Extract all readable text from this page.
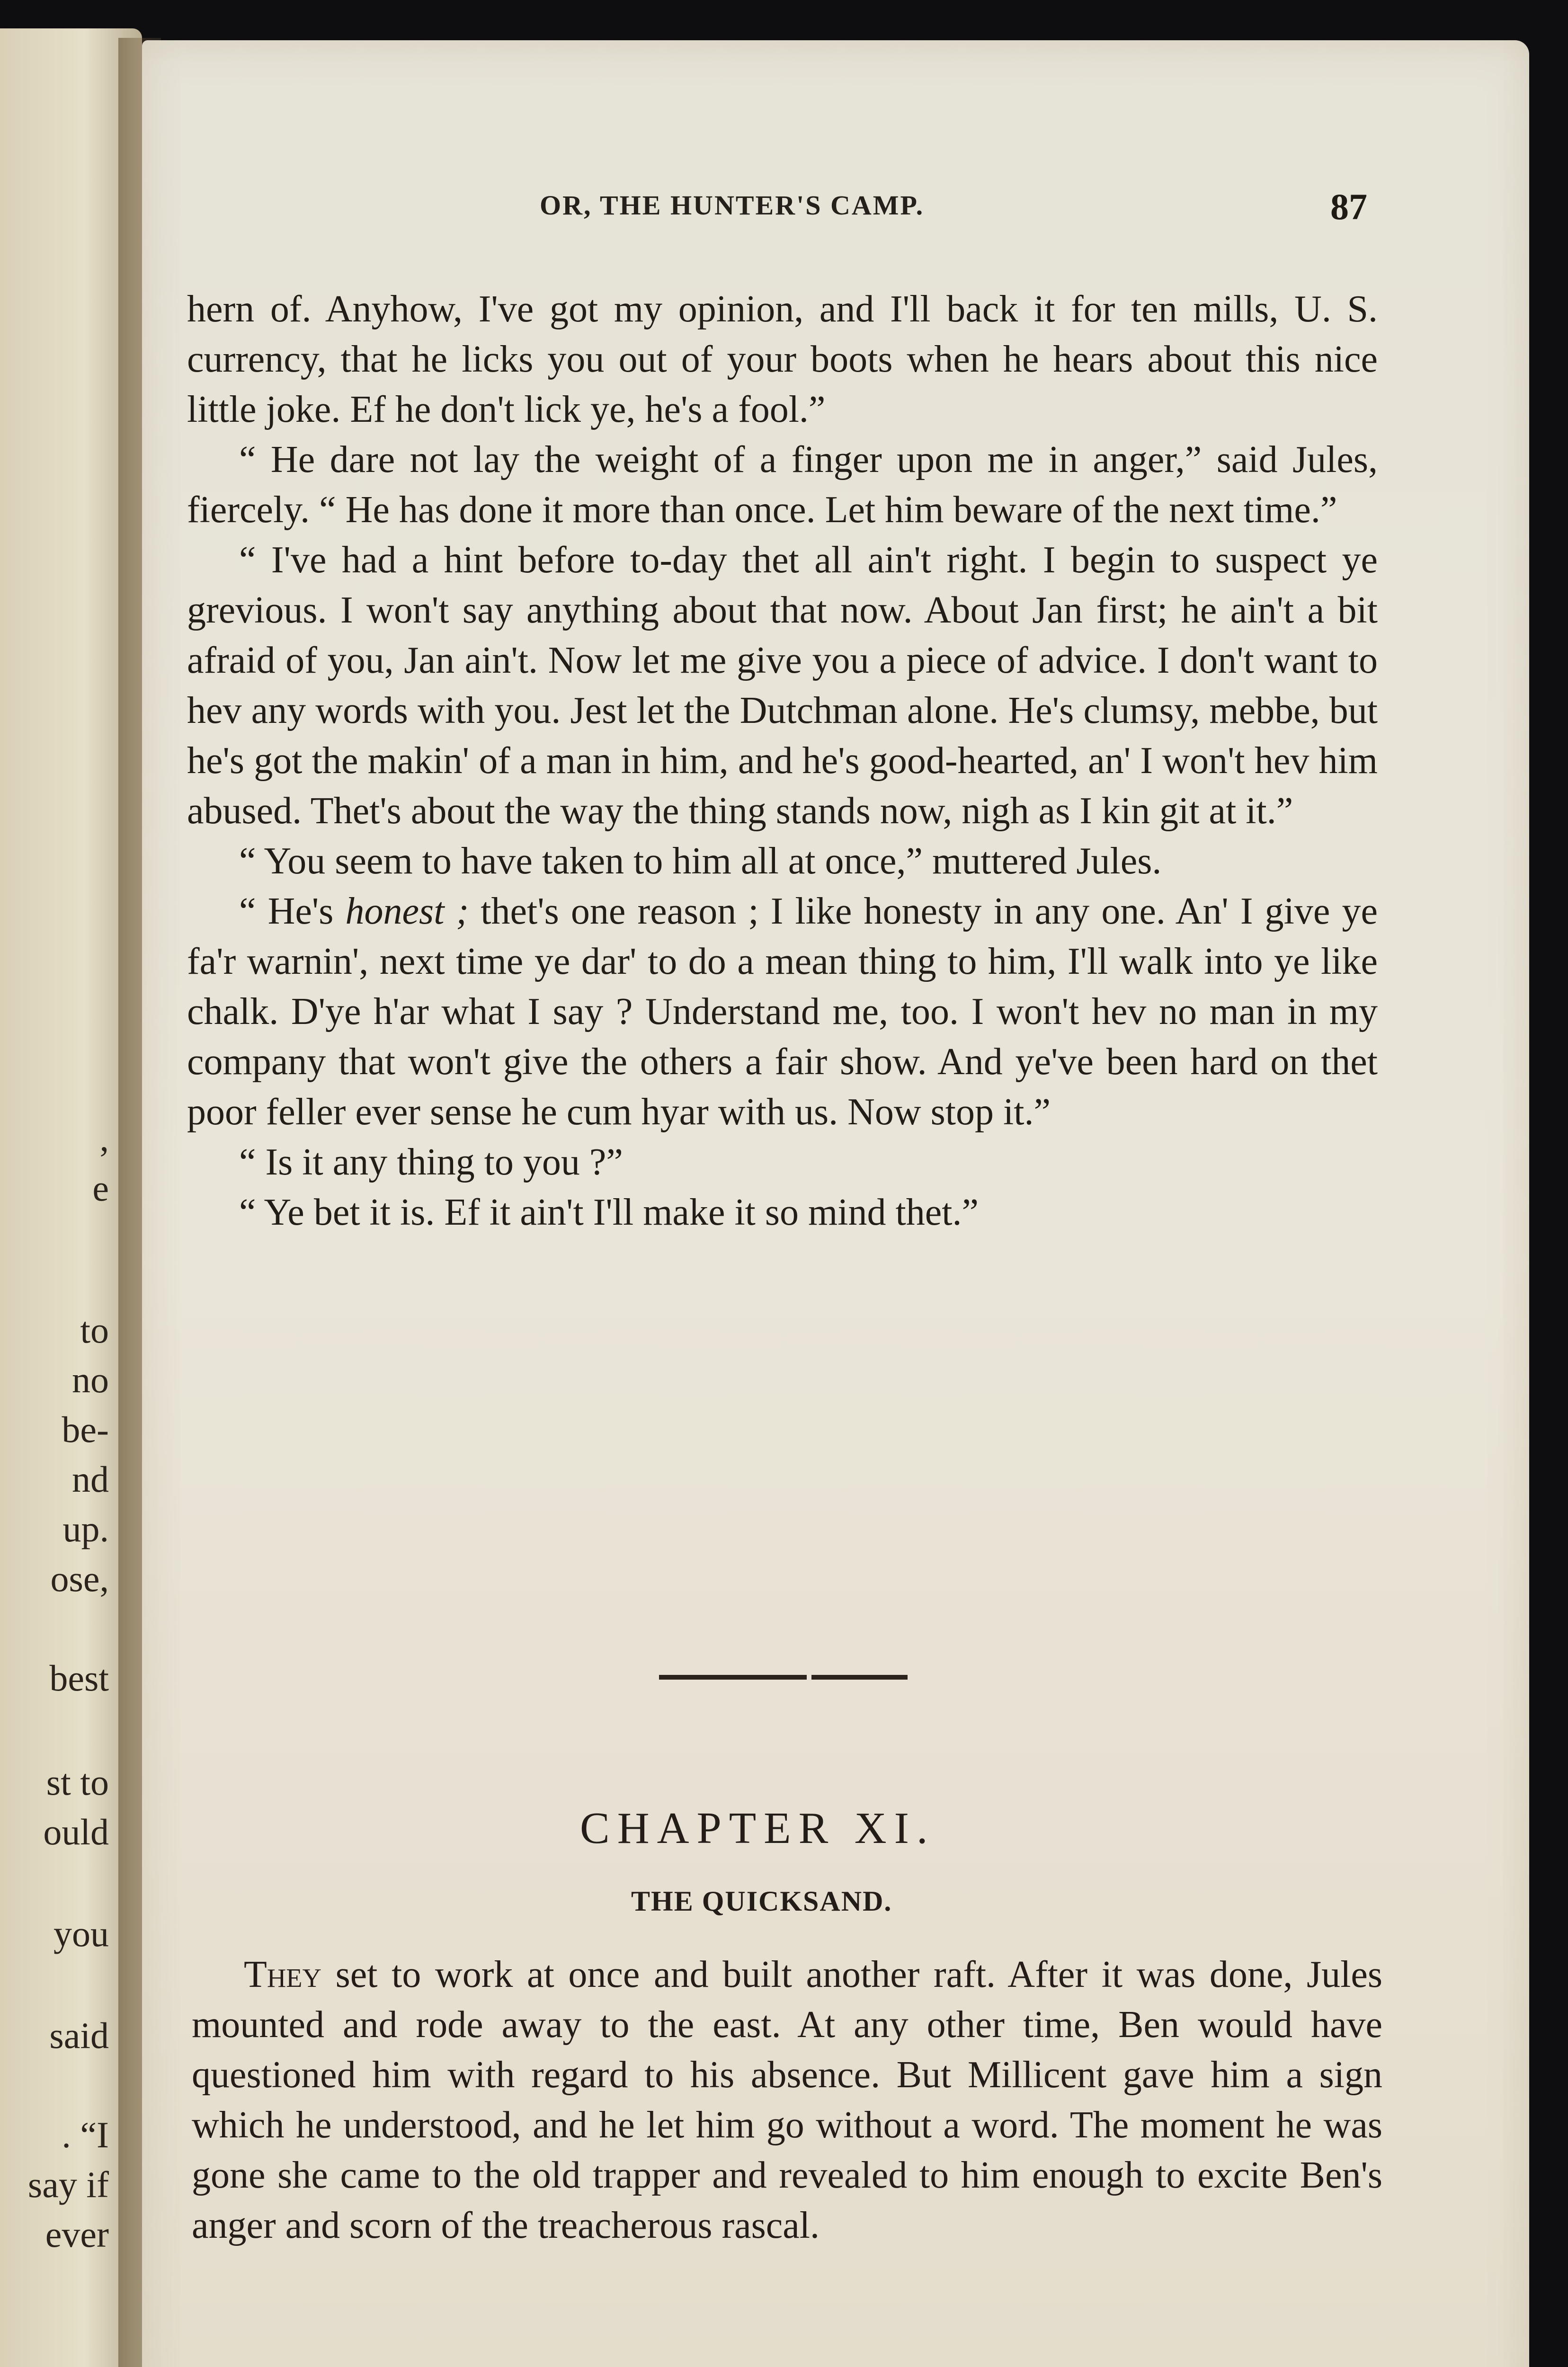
,
e
to
no
be-
nd
up.
ose,
best
st to
ould
you
said
. “I
say if
ever
OR, THE HUNTER'S CAMP.	87

hern of. Anyhow, I've got my opinion, and I'll back it for ten mills, U. S. currency, that he licks you out of your boots when he hears about this nice little joke. Ef he don't lick ye, he's a fool.”

“ He dare not lay the weight of a finger upon me in anger,” said Jules, fiercely. “ He has done it more than once. Let him beware of the next time.”

“ I've had a hint before to-day thet all ain't right. I begin to suspect ye grevious. I won't say anything about that now. About Jan first; he ain't a bit afraid of you, Jan ain't. Now let me give you a piece of advice. I don't want to hev any words with you. Jest let the Dutchman alone. He's clumsy, mebbe, but he's got the makin' of a man in him, and he's good-hearted, an' I won't hev him abused. Thet's about the way the thing stands now, nigh as I kin git at it.”

“ You seem to have taken to him all at once,” muttered Jules.

“ He's honest ; thet's one reason ; I like honesty in any one. An' I give ye fa'r warnin', next time ye dar' to do a mean thing to him, I'll walk into ye like chalk. D'ye h'ar what I say ? Understand me, too. I won't hev no man in my company that won't give the others a fair show. And ye've been hard on thet poor feller ever sense he cum hyar with us. Now stop it.”

“ Is it any thing to you ?”

“ Ye bet it is. Ef it ain't I'll make it so mind thet.”

CHAPTER XI.
THE QUICKSAND.

They set to work at once and built another raft. After it was done, Jules mounted and rode away to the east. At any other time, Ben would have questioned him with regard to his absence. But Millicent gave him a sign which he understood, and he let him go without a word. The moment he was gone she came to the old trapper and revealed to him enough to excite Ben's anger and scorn of the treacherous rascal.
